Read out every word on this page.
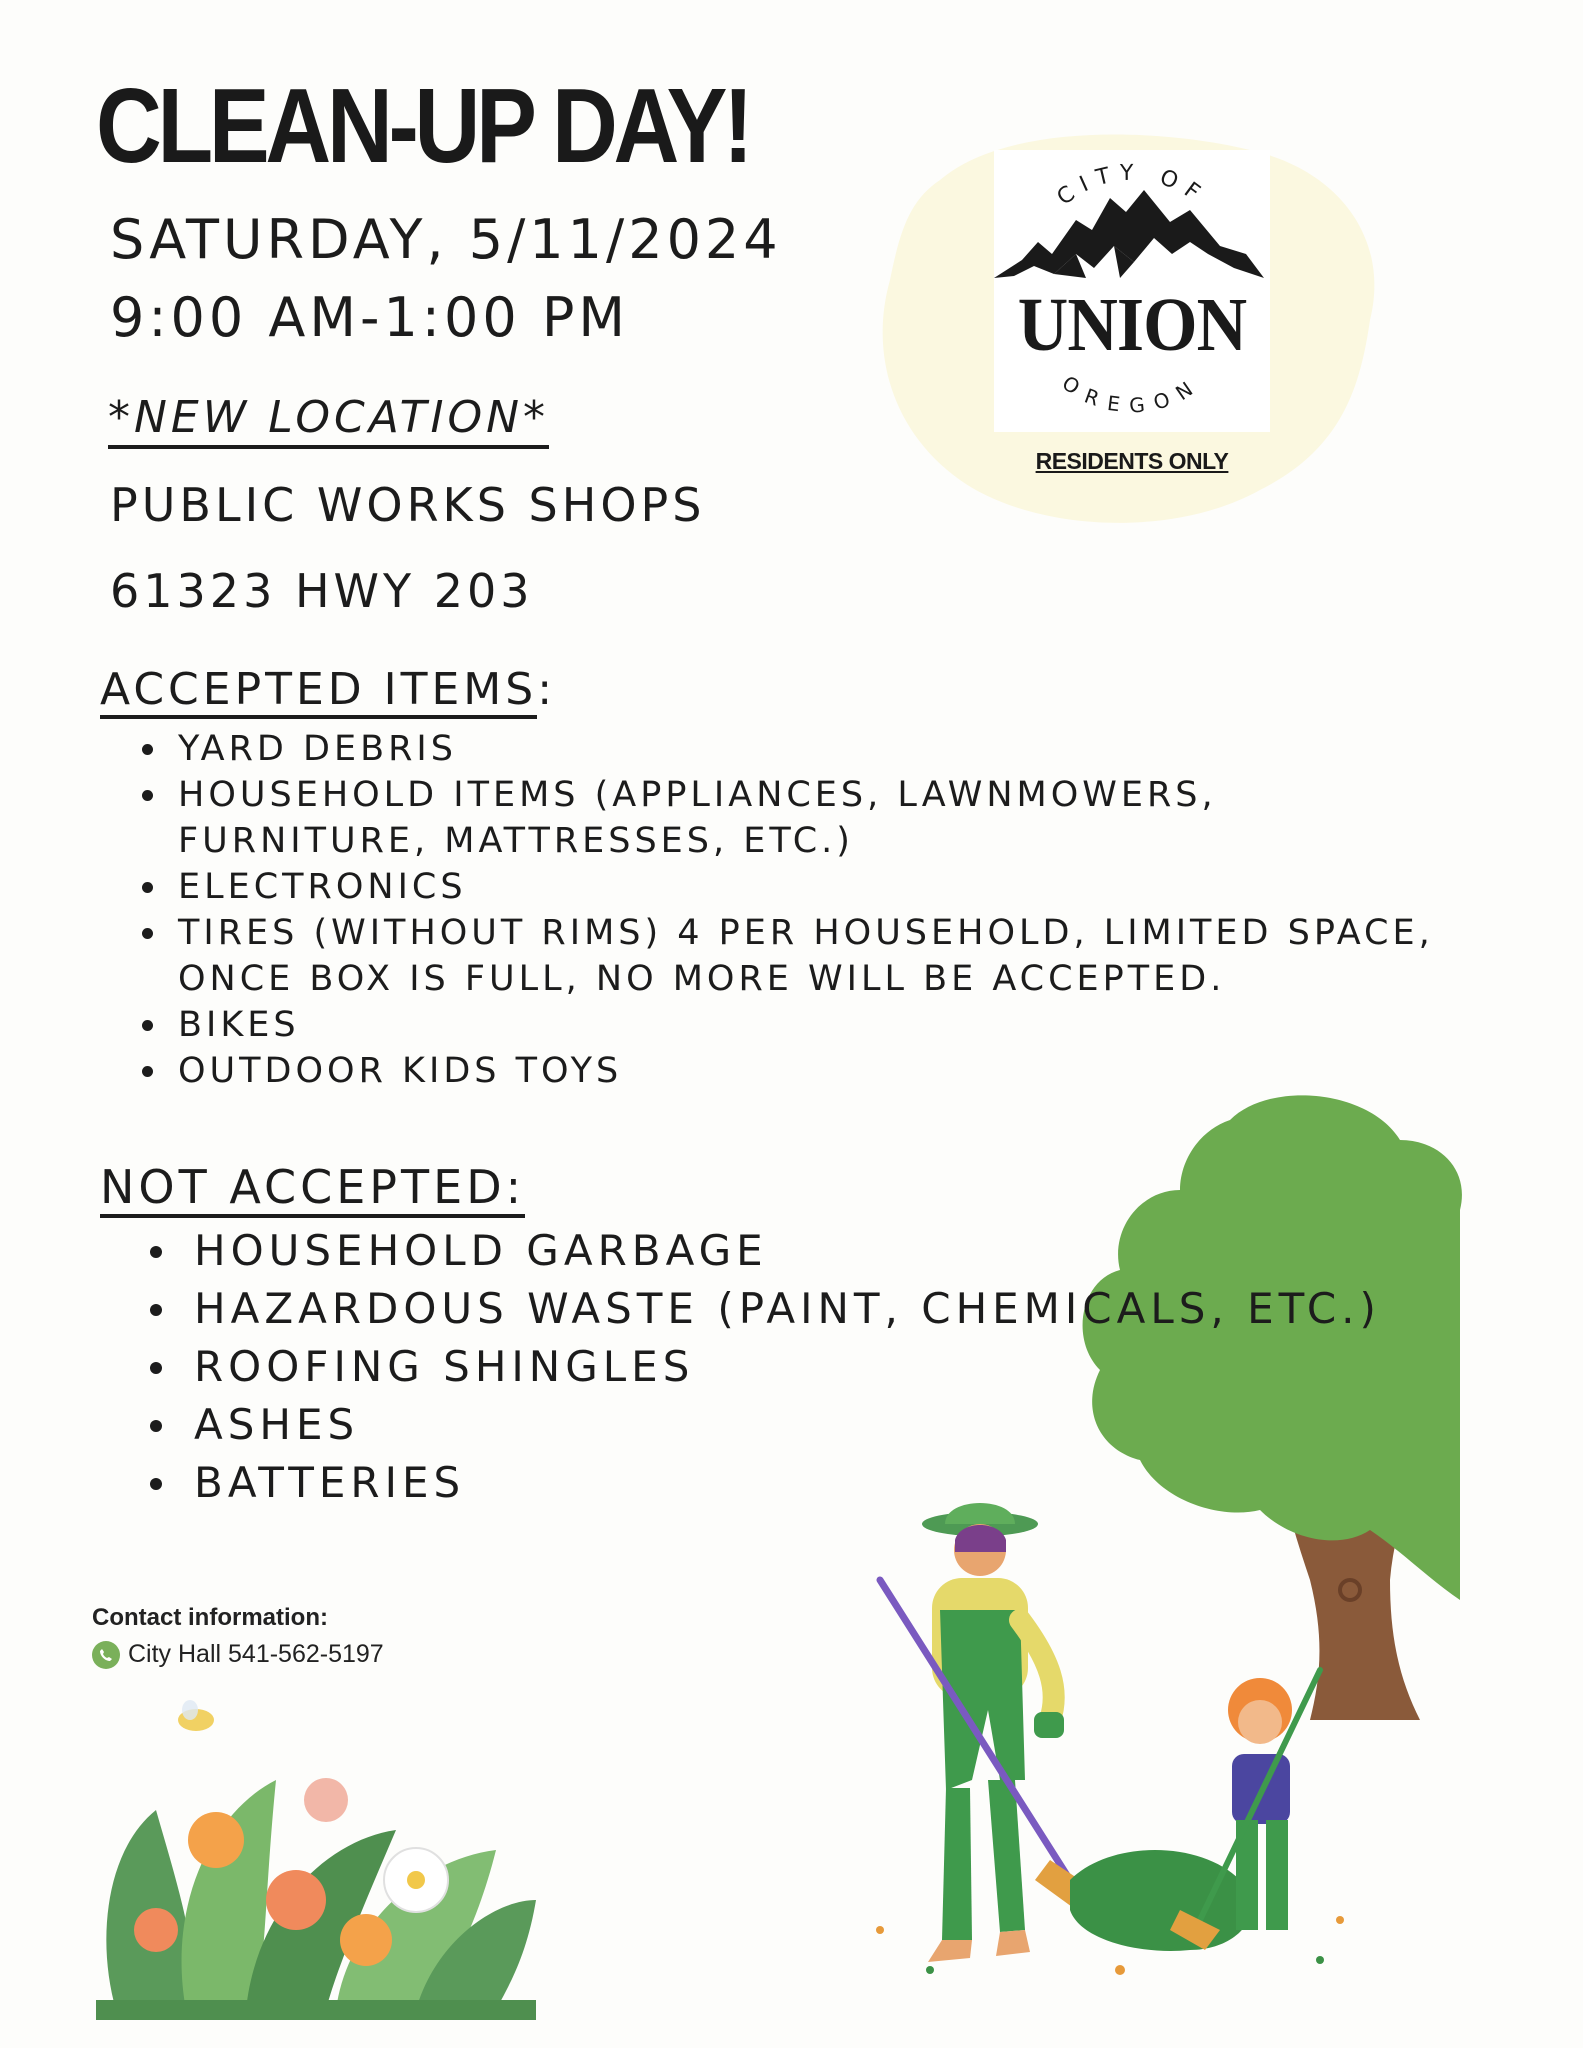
CLEAN-UP DAY!
SATURDAY, 5/11/2024
9:00 AM-1:00 PM
*NEW LOCATION*
PUBLIC WORKS SHOPS
61323 HWY 203
CITY OF
OREGON
UNION
RESIDENTS ONLY
ACCEPTED ITEMS:
YARD DEBRIS
HOUSEHOLD ITEMS (APPLIANCES, LAWNMOWERS, FURNITURE, MATTRESSES, ETC.)
ELECTRONICS
TIRES (WITHOUT RIMS) 4 PER HOUSEHOLD, LIMITED SPACE, ONCE BOX IS FULL, NO MORE WILL BE ACCEPTED.
BIKES
OUTDOOR KIDS TOYS
NOT ACCEPTED:
HOUSEHOLD GARBAGE
HAZARDOUS WASTE (PAINT, CHEMICALS, ETC.)
ROOFING SHINGLES
ASHES
BATTERIES
Contact information:
City Hall 541-562-5197
